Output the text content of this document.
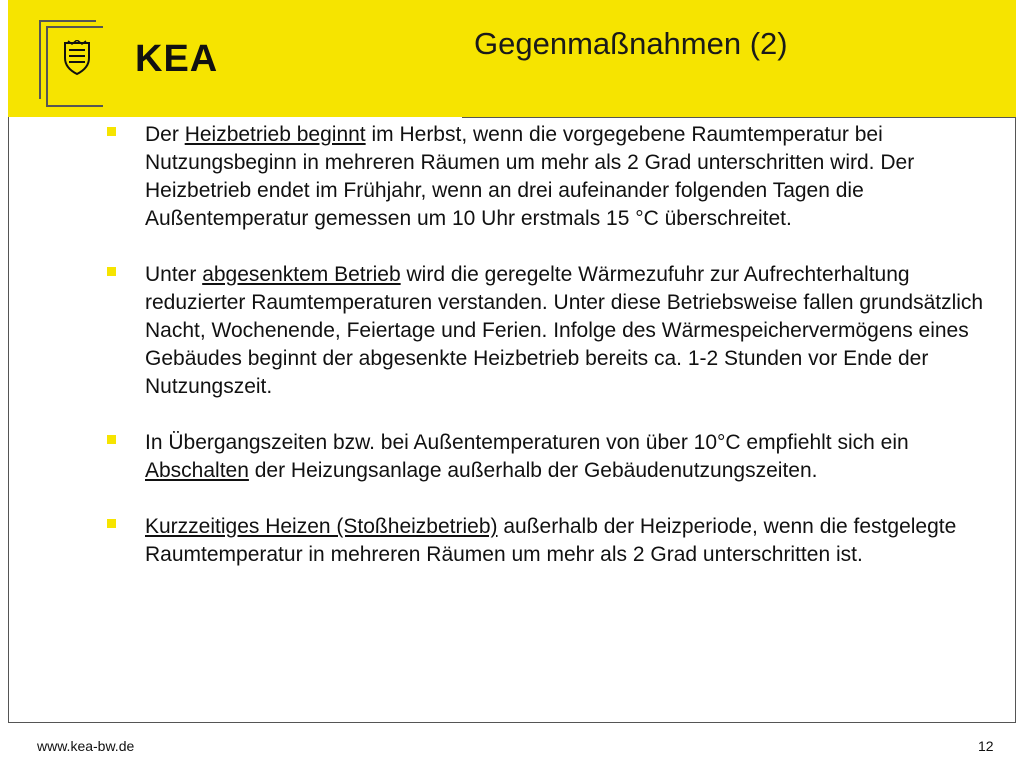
KEA	Gegenmaßnahmen (2)
Der Heizbetrieb beginnt im Herbst, wenn die vorgegebene Raumtemperatur bei Nutzungsbeginn in mehreren Räumen um mehr als 2 Grad unterschritten wird. Der Heizbetrieb endet im Frühjahr, wenn an drei aufeinander folgenden Tagen die Außentemperatur gemessen um 10 Uhr erstmals 15 °C überschreitet.
Unter abgesenktem Betrieb wird die geregelte Wärmezufuhr zur Aufrechterhaltung reduzierter Raumtemperaturen verstanden. Unter diese Betriebsweise fallen grundsätzlich Nacht, Wochenende, Feiertage und Ferien. Infolge des Wärmespeichervermögens eines Gebäudes beginnt der abgesenkte Heizbetrieb bereits ca. 1-2 Stunden vor Ende der Nutzungszeit.
In Übergangszeiten bzw. bei Außentemperaturen von über 10°C empfiehlt sich ein Abschalten der Heizungsanlage außerhalb der Gebäudenutzungszeiten.
Kurzzeitiges Heizen (Stoßheizbetrieb) außerhalb der Heizperiode, wenn die festgelegte Raumtemperatur in mehreren Räumen um mehr als 2 Grad unterschritten ist.
www.kea-bw.de	12
